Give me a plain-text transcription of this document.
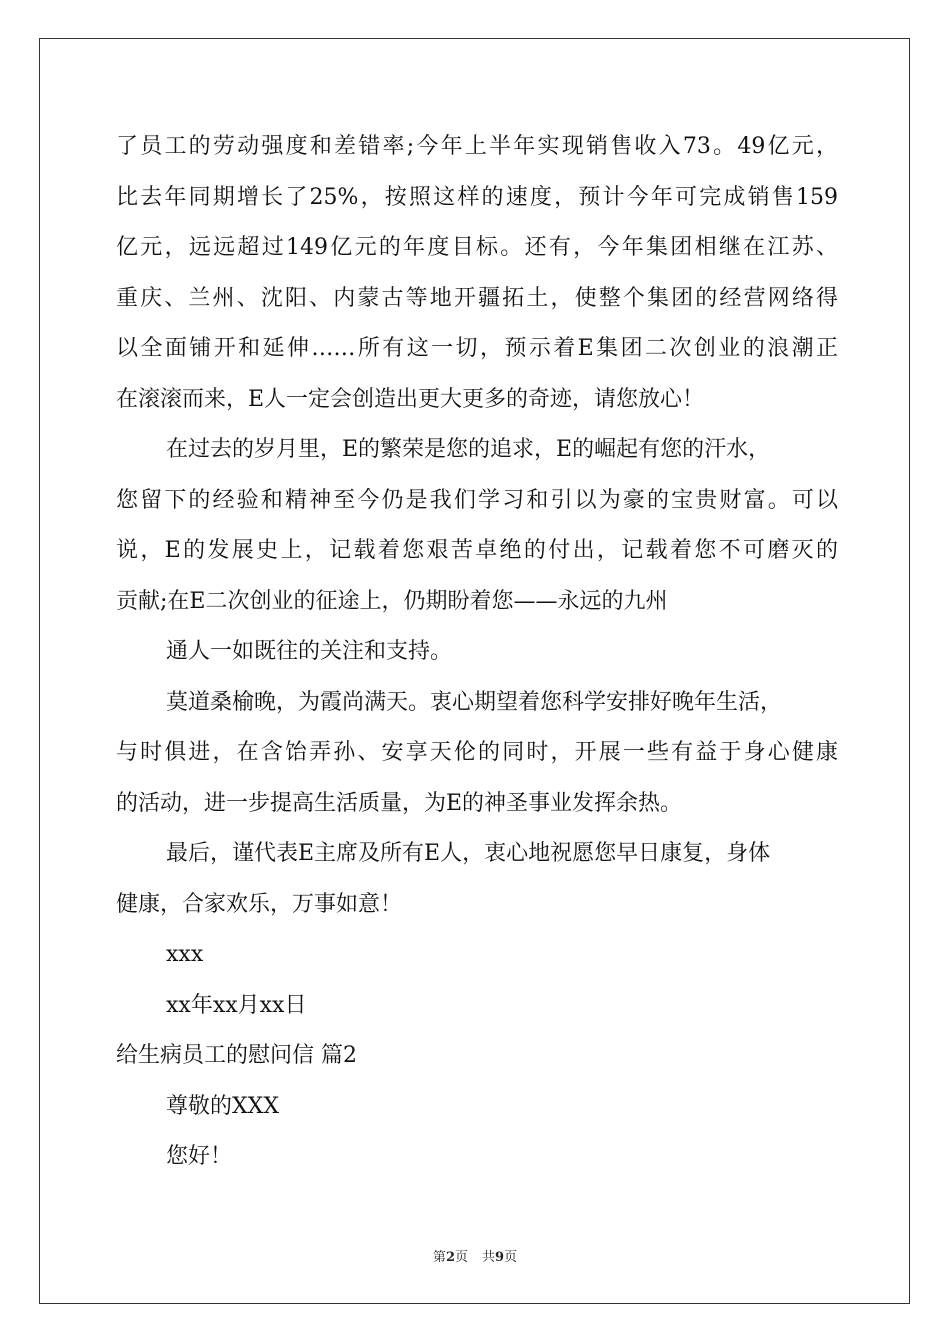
了员工的劳动强度和差错率;今年上半年实现销售收入73。49亿元，
比去年同期增长了25%，按照这样的速度，预计今年可完成销售159
亿元，远远超过149亿元的年度目标。还有，今年集团相继在江苏、
重庆、兰州、沈阳、内蒙古等地开疆拓土，使整个集团的经营网络得
以全面铺开和延伸……所有这一切，预示着E集团二次创业的浪潮正
在滚滚而来，E人一定会创造出更大更多的奇迹，请您放心！
在过去的岁月里，E的繁荣是您的追求，E的崛起有您的汗水，
您留下的经验和精神至今仍是我们学习和引以为豪的宝贵财富。可以
说，E的发展史上，记载着您艰苦卓绝的付出，记载着您不可磨灭的
贡献;在E二次创业的征途上，仍期盼着您——永远的九州
通人一如既往的关注和支持。
莫道桑榆晚，为霞尚满天。衷心期望着您科学安排好晚年生活，
与时俱进，在含饴弄孙、安享天伦的同时，开展一些有益于身心健康
的活动，进一步提高生活质量，为E的神圣事业发挥余热。
最后，谨代表E主席及所有E人，衷心地祝愿您早日康复，身体
健康，合家欢乐，万事如意！
xxx
xx年xx月xx日
给生病员工的慰问信 篇2
尊敬的XXX
您好！
第2页 共9页
